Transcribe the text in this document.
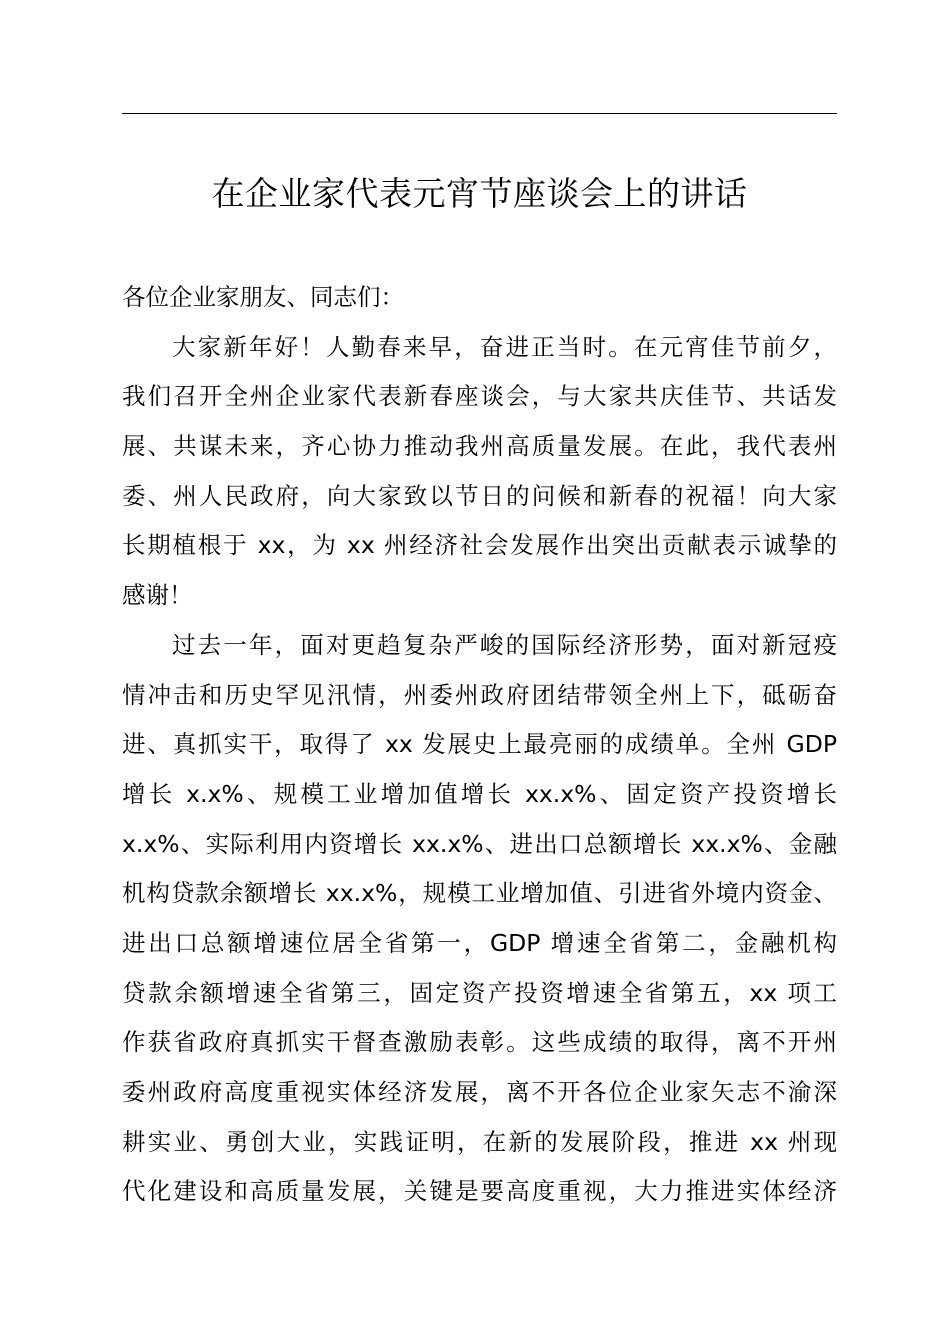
在企业家代表元宵节座谈会上的讲话
各位企业家朋友、同志们：
大家新年好！人勤春来早，奋进正当时。在元宵佳节前夕，
我们召开全州企业家代表新春座谈会，与大家共庆佳节、共话发
展、共谋未来，齐心协力推动我州高质量发展。在此，我代表州
委、州人民政府，向大家致以节日的问候和新春的祝福！向大家
长期植根于 xx，为 xx 州经济社会发展作出突出贡献表示诚挚的
感谢！
过去一年，面对更趋复杂严峻的国际经济形势，面对新冠疫
情冲击和历史罕见汛情，州委州政府团结带领全州上下，砥砺奋
进、真抓实干，取得了 xx 发展史上最亮丽的成绩单。全州 GDP
增长 x.x%、规模工业增加值增长 xx.x%、固定资产投资增长
x.x%、实际利用内资增长 xx.x%、进出口总额增长 xx.x%、金融
机构贷款余额增长 xx.x%，规模工业增加值、引进省外境内资金、
进出口总额增速位居全省第一，GDP 增速全省第二，金融机构
贷款余额增速全省第三，固定资产投资增速全省第五，xx 项工
作获省政府真抓实干督查激励表彰。这些成绩的取得，离不开州
委州政府高度重视实体经济发展，离不开各位企业家矢志不渝深
耕实业、勇创大业，实践证明，在新的发展阶段，推进 xx 州现
代化建设和高质量发展，关键是要高度重视，大力推进实体经济
